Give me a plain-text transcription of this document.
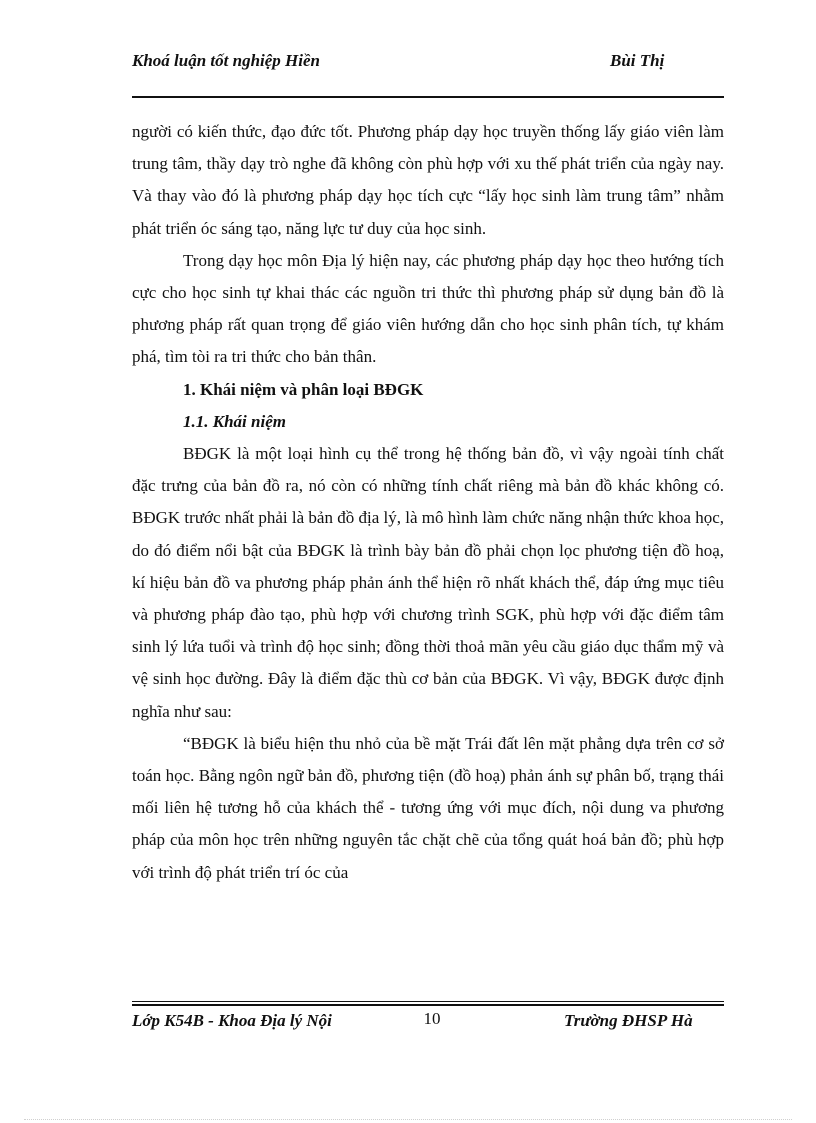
Khoá luận tốt nghiệp Hiền	Bùi Thị

người có kiến thức, đạo đức tốt. Phương pháp dạy học truyền thống lấy giáo viên làm trung tâm, thầy dạy trò nghe đã không còn phù hợp với xu thế phát triển của ngày nay. Và thay vào đó là phương pháp dạy học tích cực “lấy học sinh làm trung tâm” nhằm phát triển óc sáng tạo, năng lực tư duy của học sinh.

Trong dạy học môn Địa lý hiện nay, các phương pháp dạy học theo hướng tích cực cho học sinh tự khai thác các nguồn tri thức thì phương pháp sử dụng bản đồ là phương pháp rất quan trọng để giáo viên hướng dẫn cho học sinh phân tích, tự khám phá, tìm tòi ra tri thức cho bản thân.

1. Khái niệm và phân loại BĐGK

1.1. Khái niệm

BĐGK là một loại hình cụ thể trong hệ thống bản đồ, vì vậy ngoài tính chất đặc trưng của bản đồ ra, nó còn có những tính chất riêng mà bản đồ khác không có. BĐGK trước nhất phải là bản đồ địa lý, là mô hình làm chức năng nhận thức khoa học, do đó điểm nổi bật của BĐGK là trình bày bản đồ phải chọn lọc phương tiện đồ hoạ, kí hiệu bản đồ va phương pháp phản ánh thể hiện rõ nhất khách thể, đáp ứng mục tiêu và phương pháp đào tạo, phù hợp với chương trình SGK, phù hợp với đặc điểm tâm sinh lý lứa tuổi và trình độ học sinh; đồng thời thoả mãn yêu cầu giáo dục thẩm mỹ và vệ sinh học đường. Đây là điểm đặc thù cơ bản của BĐGK. Vì vậy, BĐGK được định nghĩa như sau:

“BĐGK là biểu hiện thu nhỏ của bề mặt Trái đất lên mặt phẳng dựa trên cơ sở toán học. Bằng ngôn ngữ bản đồ, phương tiện (đồ hoạ) phản ánh sự phân bố, trạng thái mối liên hệ tương hỗ của khách thể - tương ứng với mục đích, nội dung va phương pháp của môn học trên những nguyên tắc chặt chẽ của tổng quát hoá bản đồ; phù hợp với trình độ phát triển trí óc của

Lớp K54B - Khoa Địa lý Nội	10	Trường ĐHSP Hà
